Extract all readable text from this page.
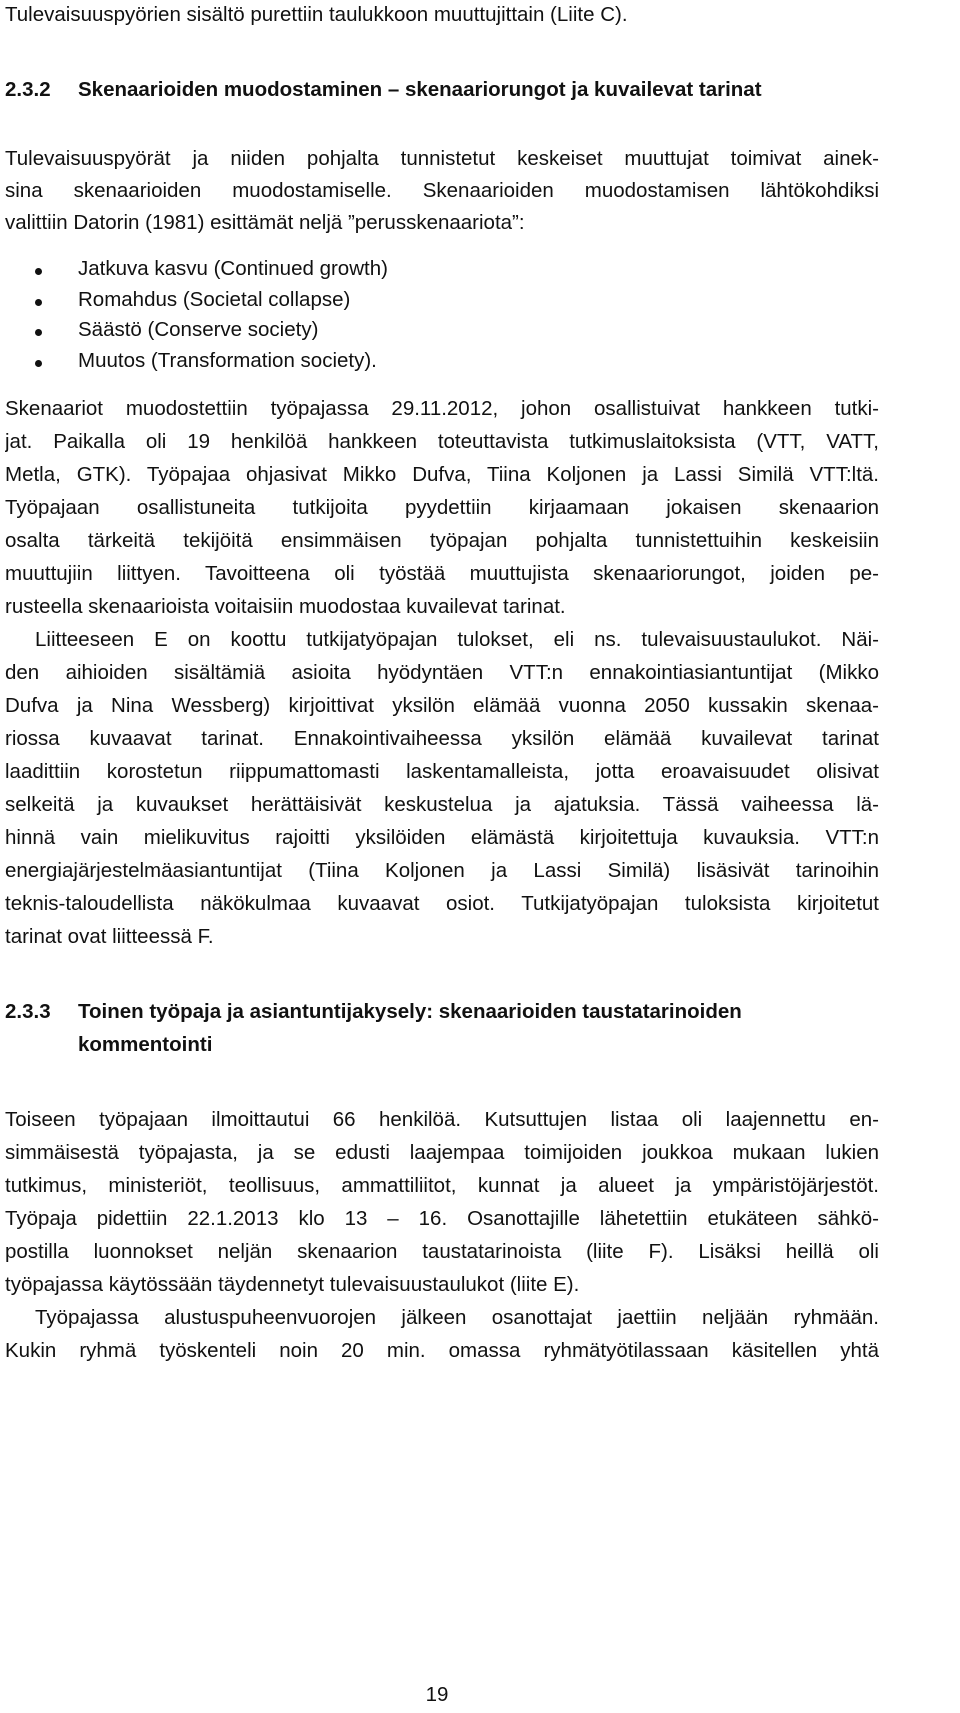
Tulevaisuuspyörien sisältö purettiin taulukkoon muuttujittain (Liite C).
2.3.2 Skenaarioiden muodostaminen – skenaariorungot ja kuvailevat tarinat
Tulevaisuuspyörät ja niiden pohjalta tunnistetut keskeiset muuttujat toimivat ainek-
sina skenaarioiden muodostamiselle. Skenaarioiden muodostamisen lähtökohdiksi
valittiin Datorin (1981) esittämät neljä ”perusskenaariota”:
Jatkuva kasvu (Continued growth)
Romahdus (Societal collapse)
Säästö (Conserve society)
Muutos (Transformation society).
Skenaariot muodostettiin työpajassa 29.11.2012, johon osallistuivat hankkeen tutki-
jat. Paikalla oli 19 henkilöä hankkeen toteuttavista tutkimuslaitoksista (VTT, VATT,
Metla, GTK). Työpajaa ohjasivat Mikko Dufva, Tiina Koljonen ja Lassi Similä VTT:ltä.
Työpajaan osallistuneita tutkijoita pyydettiin kirjaamaan jokaisen skenaarion
osalta tärkeitä tekijöitä ensimmäisen työpajan pohjalta tunnistettuihin keskeisiin
muuttujiin liittyen. Tavoitteena oli työstää muuttujista skenaariorungot, joiden pe-
rusteella skenaarioista voitaisiin muodostaa kuvailevat tarinat.
Liitteeseen E on koottu tutkijatyöpajan tulokset, eli ns. tulevaisuustaulukot. Näi-
den aihioiden sisältämiä asioita hyödyntäen VTT:n ennakointiasiantuntijat (Mikko
Dufva ja Nina Wessberg) kirjoittivat yksilön elämää vuonna 2050 kussakin skenaa-
riossa kuvaavat tarinat. Ennakointivaiheessa yksilön elämää kuvailevat tarinat
laadittiin korostetun riippumattomasti laskentamalleista, jotta eroavaisuudet olisivat
selkeitä ja kuvaukset herättäisivät keskustelua ja ajatuksia. Tässä vaiheessa lä-
hinnä vain mielikuvitus rajoitti yksilöiden elämästä kirjoitettuja kuvauksia. VTT:n
energiajärjestelmäasiantuntijat (Tiina Koljonen ja Lassi Similä) lisäsivät tarinoihin
teknis-taloudellista näkökulmaa kuvaavat osiot. Tutkijatyöpajan tuloksista kirjoitetut
tarinat ovat liitteessä F.
2.3.3 Toinen työpaja ja asiantuntijakysely: skenaarioiden taustatarinoiden
kommentointi
Toiseen työpajaan ilmoittautui 66 henkilöä. Kutsuttujen listaa oli laajennettu en-
simmäisestä työpajasta, ja se edusti laajempaa toimijoiden joukkoa mukaan lukien
tutkimus, ministeriöt, teollisuus, ammattiliitot, kunnat ja alueet ja ympäristöjärjestöt.
Työpaja pidettiin 22.1.2013 klo 13 – 16. Osanottajille lähetettiin etukäteen sähkö-
postilla luonnokset neljän skenaarion taustatarinoista (liite F). Lisäksi heillä oli
työpajassa käytössään täydennetyt tulevaisuustaulukot (liite E).
Työpajassa alustuspuheenvuorojen jälkeen osanottajat jaettiin neljään ryhmään.
Kukin ryhmä työskenteli noin 20 min. omassa ryhmätyötilassaan käsitellen yhtä
19
